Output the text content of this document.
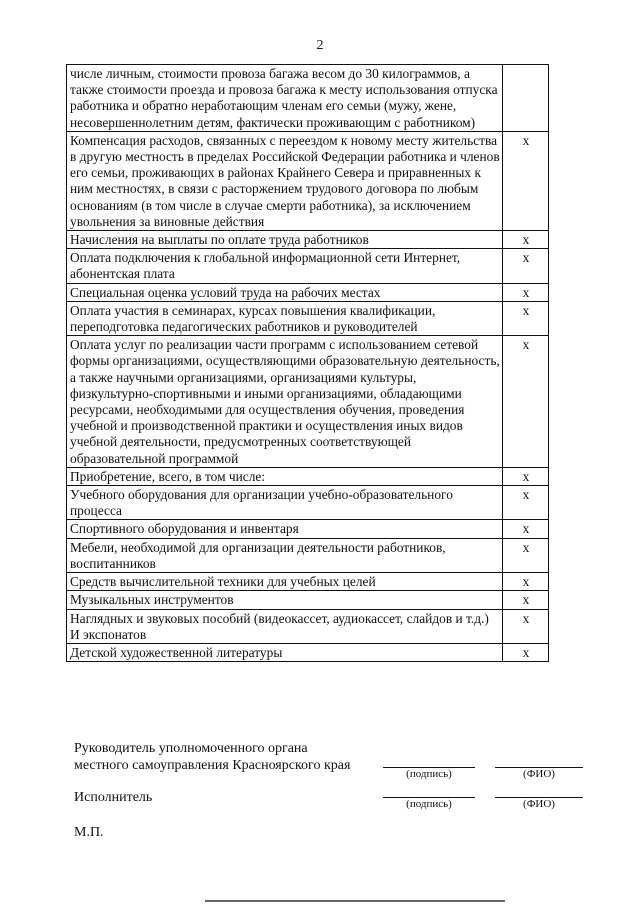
2
числе личным, стоимости провоза багажа весом до 30 килограммов, а также стоимости проезда и провоза багажа к месту использования отпуска работника и обратно неработающим членам его семьи (мужу, жене, несовершеннолетним детям, фактически проживающим с работником)	
Компенсация расходов, связанных с переездом к новому месту жительства в другую местность в пределах Российской Федерации работника и членов его семьи, проживающих в районах Крайнего Севера и приравненных к ним местностях, в связи с расторжением трудового договора по любым основаниям (в том числе в случае смерти работника), за исключением увольнения за виновные действия	x
Начисления на выплаты по оплате труда работников	x
Оплата подключения к глобальной информационной сети Интернет, абонентская плата	x
Специальная оценка условий труда на рабочих местах	x
Оплата участия в семинарах, курсах повышения квалификации, переподготовка педагогических работников и руководителей	x
Оплата услуг по реализации части программ с использованием сетевой формы организациями, осуществляющими образовательную деятельность, а также научными организациями, организациями культуры, физкультурно-спортивными и иными организациями, обладающими ресурсами, необходимыми для осуществления обучения, проведения учебной и производственной практики и осуществления иных видов учебной деятельности, предусмотренных соответствующей образовательной программой	x
Приобретение, всего, в том числе:	x
Учебного оборудования для организации учебно-образовательного процесса	x
Спортивного оборудования и инвентаря	x
Мебели, необходимой для организации деятельности работников, воспитанников	x
Средств вычислительной техники для учебных целей	x
Музыкальных инструментов	x
Наглядных и звуковых пособий (видеокассет, аудиокассет, слайдов и т.д.) И экспонатов	x
Детской художественной литературы	x
Руководитель уполномоченного органа
местного самоуправления Красноярского края
(подпись)	(ФИО)
Исполнитель	(подпись)	(ФИО)
М.П.
